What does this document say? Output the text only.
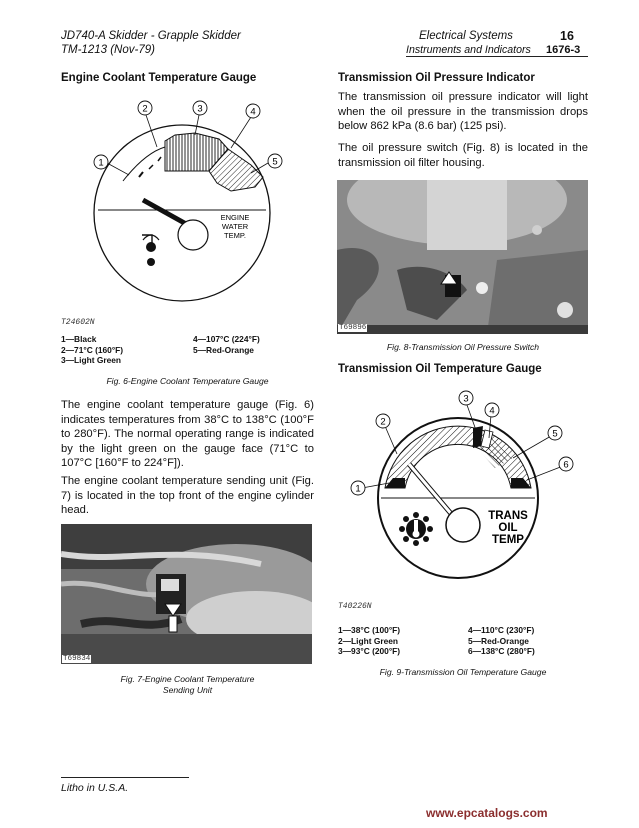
JD740-A Skidder - Grapple Skidder
TM-1213 (Nov-79)
Electrical Systems
Instruments and Indicators
16
1676-3
Engine Coolant Temperature Gauge
ENGINE
WATER
TEMP.
1
2	3	4
5
T24602N
1—Black
2—71°C (160°F)
3—Light Green
4—107°C (224°F)
5—Red-Orange
Fig. 6-Engine Coolant Temperature Gauge
The engine coolant temperature gauge (Fig. 6) indicates temperatures from 38°C to 138°C (100°F to 280°F). The normal operating range is indicated by the light green on the gauge face (71°C to 107°C [160°F to 224°F]).
The engine coolant temperature sending unit (Fig. 7) is located in the top front of the engine cylinder head.
T69834
Fig. 7-Engine Coolant Temperature
Sending Unit
Transmission Oil Pressure Indicator
The transmission oil pressure indicator will light when the oil pressure in the transmission drops below 862 kPa (8.6 bar) (125 psi).
The oil pressure switch (Fig. 8) is located in the transmission oil filter housing.
T69896
Fig. 8-Transmission Oil Pressure Switch
Transmission Oil Temperature Gauge
TRANS
OIL
TEMP
1
2
3
4
5
6
T40226N
1—38°C (100°F)
2—Light Green
3—93°C (200°F)
4—110°C (230°F)
5—Red-Orange
6—138°C (280°F)
Fig. 9-Transmission Oil Temperature Gauge
Litho in U.S.A.
www.epcatalogs.com
